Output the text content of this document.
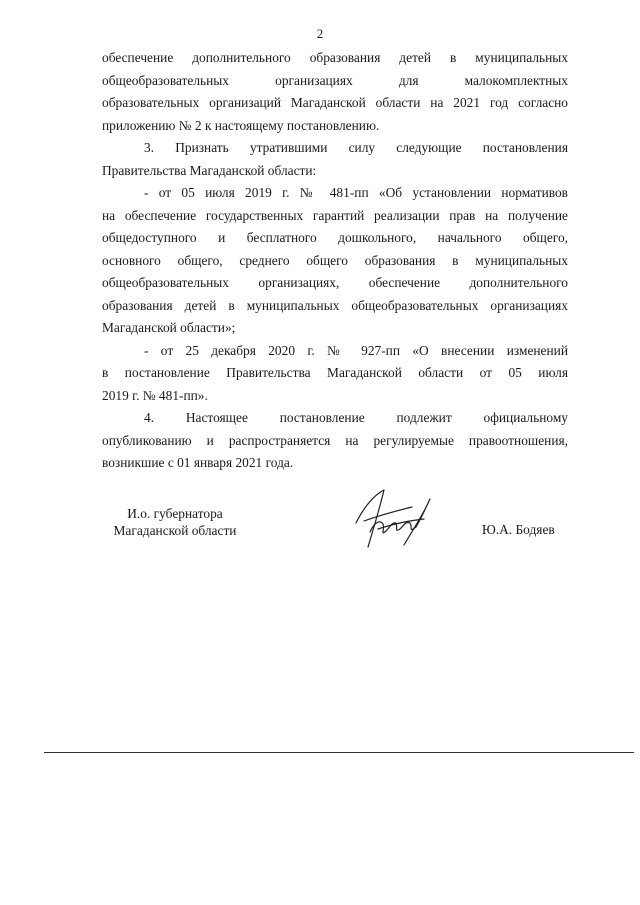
2

обеспечение дополнительного образования детей в муниципальных
общеобразовательных организациях для малокомплектных
образовательных организаций Магаданской области на 2021 год согласно
приложению № 2 к настоящему постановлению.

3. Признать утратившими силу следующие постановления
Правительства Магаданской области:

- от 05 июля 2019 г. № 481-пп «Об установлении нормативов
на обеспечение государственных гарантий реализации прав на получение
общедоступного и бесплатного дошкольного, начального общего,
основного общего, среднего общего образования в муниципальных
общеобразовательных организациях, обеспечение дополнительного
образования детей в муниципальных общеобразовательных организациях
Магаданской области»;

- от 25 декабря 2020 г. № 927-пп «О внесении изменений
в постановление Правительства Магаданской области от 05 июля
2019 г. № 481-пп».

4. Настоящее постановление подлежит официальному
опубликованию и распространяется на регулируемые правоотношения,
возникшие с 01 января 2021 года.

И.о. губернатора
Магаданской области	Ю.А. Бодяев
